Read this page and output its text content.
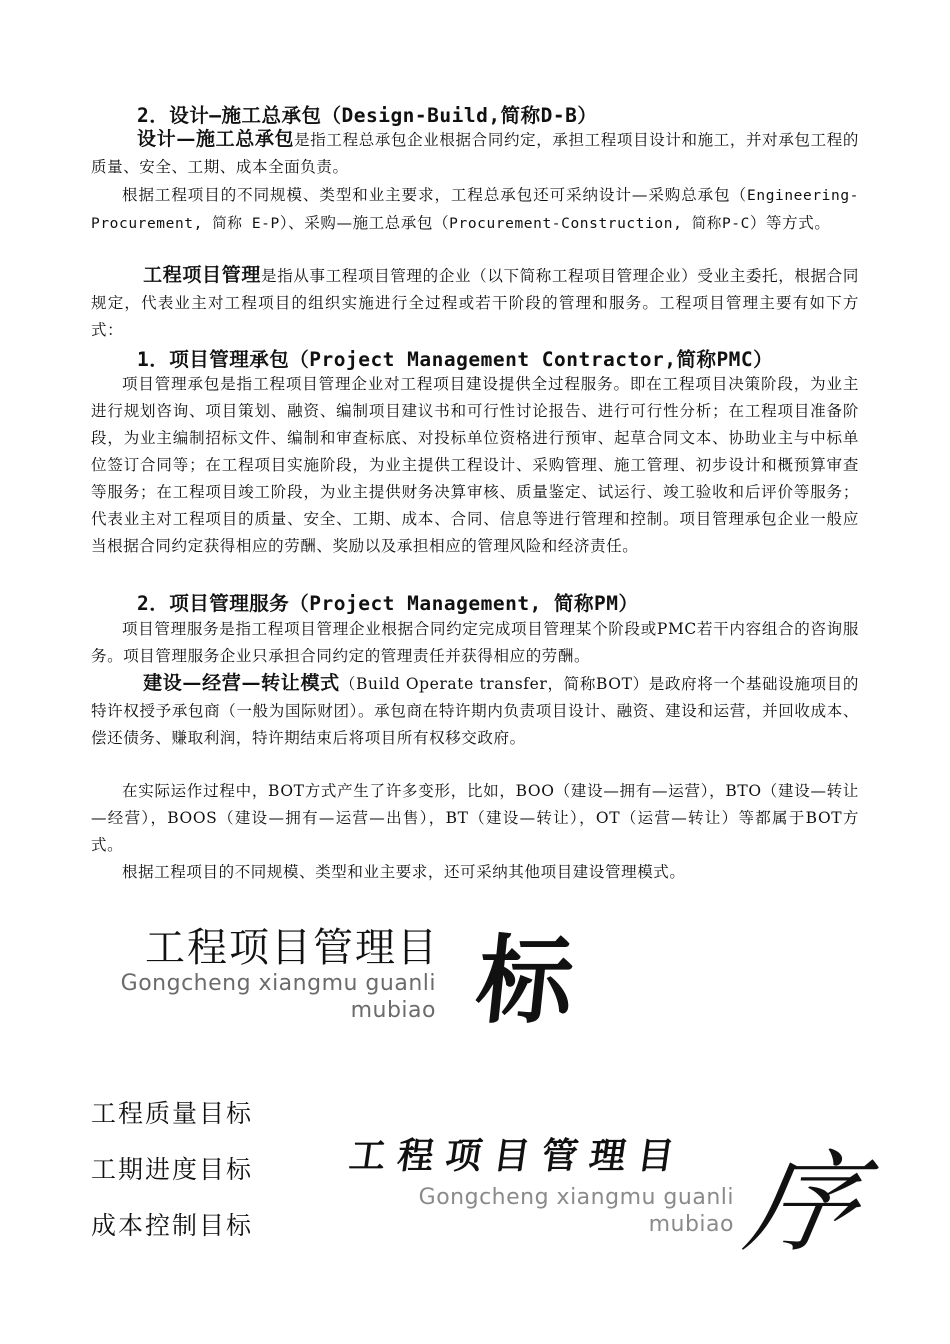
2．设计—施工总承包（Design-Build,简称D-B）
设计—施工总承包是指工程总承包企业根据合同约定，承担工程项目设计和施工，并对承包工程的质量、安全、工期、成本全面负责。
根据工程项目的不同规模、类型和业主要求，工程总承包还可采纳设计—采购总承包（Engineering-Procurement, 简称 E-P）、采购—施工总承包（Procurement-Construction, 简称P-C）等方式。
工程项目管理是指从事工程项目管理的企业（以下简称工程项目管理企业）受业主委托，根据合同规定，代表业主对工程项目的组织实施进行全过程或若干阶段的管理和服务。工程项目管理主要有如下方式：
1．项目管理承包（Project Management Contractor,简称PMC）
项目管理承包是指工程项目管理企业对工程项目建设提供全过程服务。即在工程项目决策阶段，为业主进行规划咨询、项目策划、融资、编制项目建议书和可行性讨论报告、进行可行性分析；在工程项目准备阶段，为业主编制招标文件、编制和审查标底、对投标单位资格进行预审、起草合同文本、协助业主与中标单位签订合同等；在工程项目实施阶段，为业主提供工程设计、采购管理、施工管理、初步设计和概预算审查等服务；在工程项目竣工阶段，为业主提供财务决算审核、质量鉴定、试运行、竣工验收和后评价等服务；代表业主对工程项目的质量、安全、工期、成本、合同、信息等进行管理和控制。项目管理承包企业一般应当根据合同约定获得相应的劳酬、奖励以及承担相应的管理风险和经济责任。
2．项目管理服务（Project Management, 简称PM）
项目管理服务是指工程项目管理企业根据合同约定完成项目管理某个阶段或PMC若干内容组合的咨询服务。项目管理服务企业只承担合同约定的管理责任并获得相应的劳酬。
建设—经营—转让模式（Build Operate transfer，简称BOT）是政府将一个基础设施项目的特许权授予承包商（一般为国际财团）。承包商在特许期内负责项目设计、融资、建设和运营，并回收成本、偿还债务、赚取利润，特许期结束后将项目所有权移交政府。
在实际运作过程中，BOT方式产生了许多变形，比如，BOO（建设—拥有—运营），BTO（建设—转让—经营），BOOS（建设—拥有—运营—出售），BT（建设—转让），OT（运营—转让）等都属于BOT方式。
根据工程项目的不同规模、类型和业主要求，还可采纳其他项目建设管理模式。
工程项目管理目 标
Gongcheng xiangmu guanli mubiao
工程质量目标
工期进度目标
成本控制目标
工程项目管理目
Gongcheng xiangmu guanli mubiao 序
